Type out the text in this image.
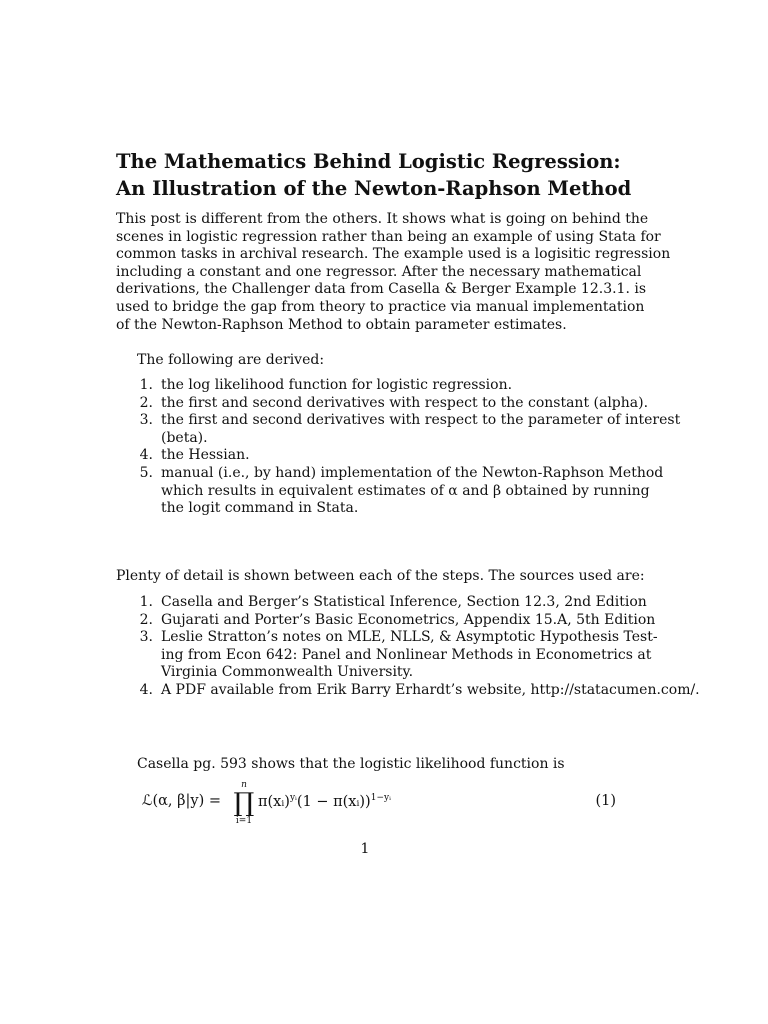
The Mathematics Behind Logistic Regression:
An Illustration of the Newton-Raphson Method
This post is different from the others. It shows what is going on behind the
scenes in logistic regression rather than being an example of using Stata for
common tasks in archival research. The example used is a logisitic regression
including a constant and one regressor. After the necessary mathematical
derivations, the Challenger data from Casella & Berger Example 12.3.1. is
used to bridge the gap from theory to practice via manual implementation
of the Newton-Raphson Method to obtain parameter estimates.
The following are derived:
1. the log likelihood function for logistic regression.
2. the first and second derivatives with respect to the constant (alpha).
3. the first and second derivatives with respect to the parameter of interest
(beta).
4. the Hessian.
5. manual (i.e., by hand) implementation of the Newton-Raphson Method
which results in equivalent estimates of α and β obtained by running
the logit command in Stata.
Plenty of detail is shown between each of the steps. The sources used are:
1. Casella and Berger’s Statistical Inference, Section 12.3, 2nd Edition
2. Gujarati and Porter’s Basic Econometrics, Appendix 15.A, 5th Edition
3. Leslie Stratton’s notes on MLE, NLLS, & Asymptotic Hypothesis Test-
ing from Econ 642: Panel and Nonlinear Methods in Econometrics at
Virginia Commonwealth University.
4. A PDF available from Erik Barry Erhardt’s website, http://statacumen.com/.
Casella pg. 593 shows that the logistic likelihood function is
ℒ(α, β|y) =
n
∏
i=1
π(xᵢ)$^{yᵢ}$(1 − π(xᵢ))$^{1-yᵢ}$	(1)
1
